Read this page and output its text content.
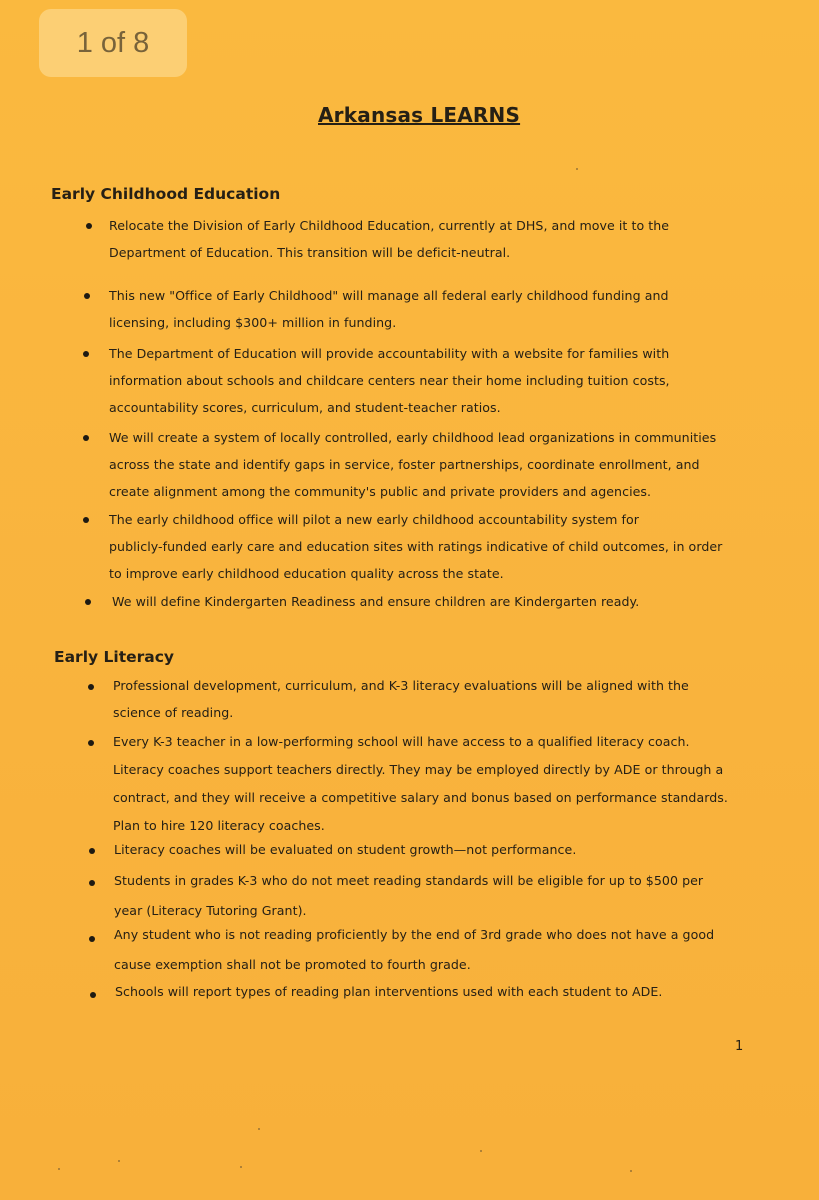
1 of 8
Arkansas LEARNS
Early Childhood Education
Relocate the Division of Early Childhood Education, currently at DHS, and move it to the
Department of Education. This transition will be deficit-neutral.
This new "Office of Early Childhood" will manage all federal early childhood funding and
licensing, including $300+ million in funding.
The Department of Education will provide accountability with a website for families with
information about schools and childcare centers near their home including tuition costs,
accountability scores, curriculum, and student-teacher ratios.
We will create a system of locally controlled, early childhood lead organizations in communities
across the state and identify gaps in service, foster partnerships, coordinate enrollment, and
create alignment among the community's public and private providers and agencies.
The early childhood office will pilot a new early childhood accountability system for
publicly-funded early care and education sites with ratings indicative of child outcomes, in order
to improve early childhood education quality across the state.
We will define Kindergarten Readiness and ensure children are Kindergarten ready.
Early Literacy
Professional development, curriculum, and K-3 literacy evaluations will be aligned with the
science of reading.
Every K-3 teacher in a low-performing school will have access to a qualified literacy coach.
Literacy coaches support teachers directly. They may be employed directly by ADE or through a
contract, and they will receive a competitive salary and bonus based on performance standards.
Plan to hire 120 literacy coaches.
Literacy coaches will be evaluated on student growth—not performance.
Students in grades K-3 who do not meet reading standards will be eligible for up to $500 per
year (Literacy Tutoring Grant).
Any student who is not reading proficiently by the end of 3rd grade who does not have a good
cause exemption shall not be promoted to fourth grade.
Schools will report types of reading plan interventions used with each student to ADE.
1
